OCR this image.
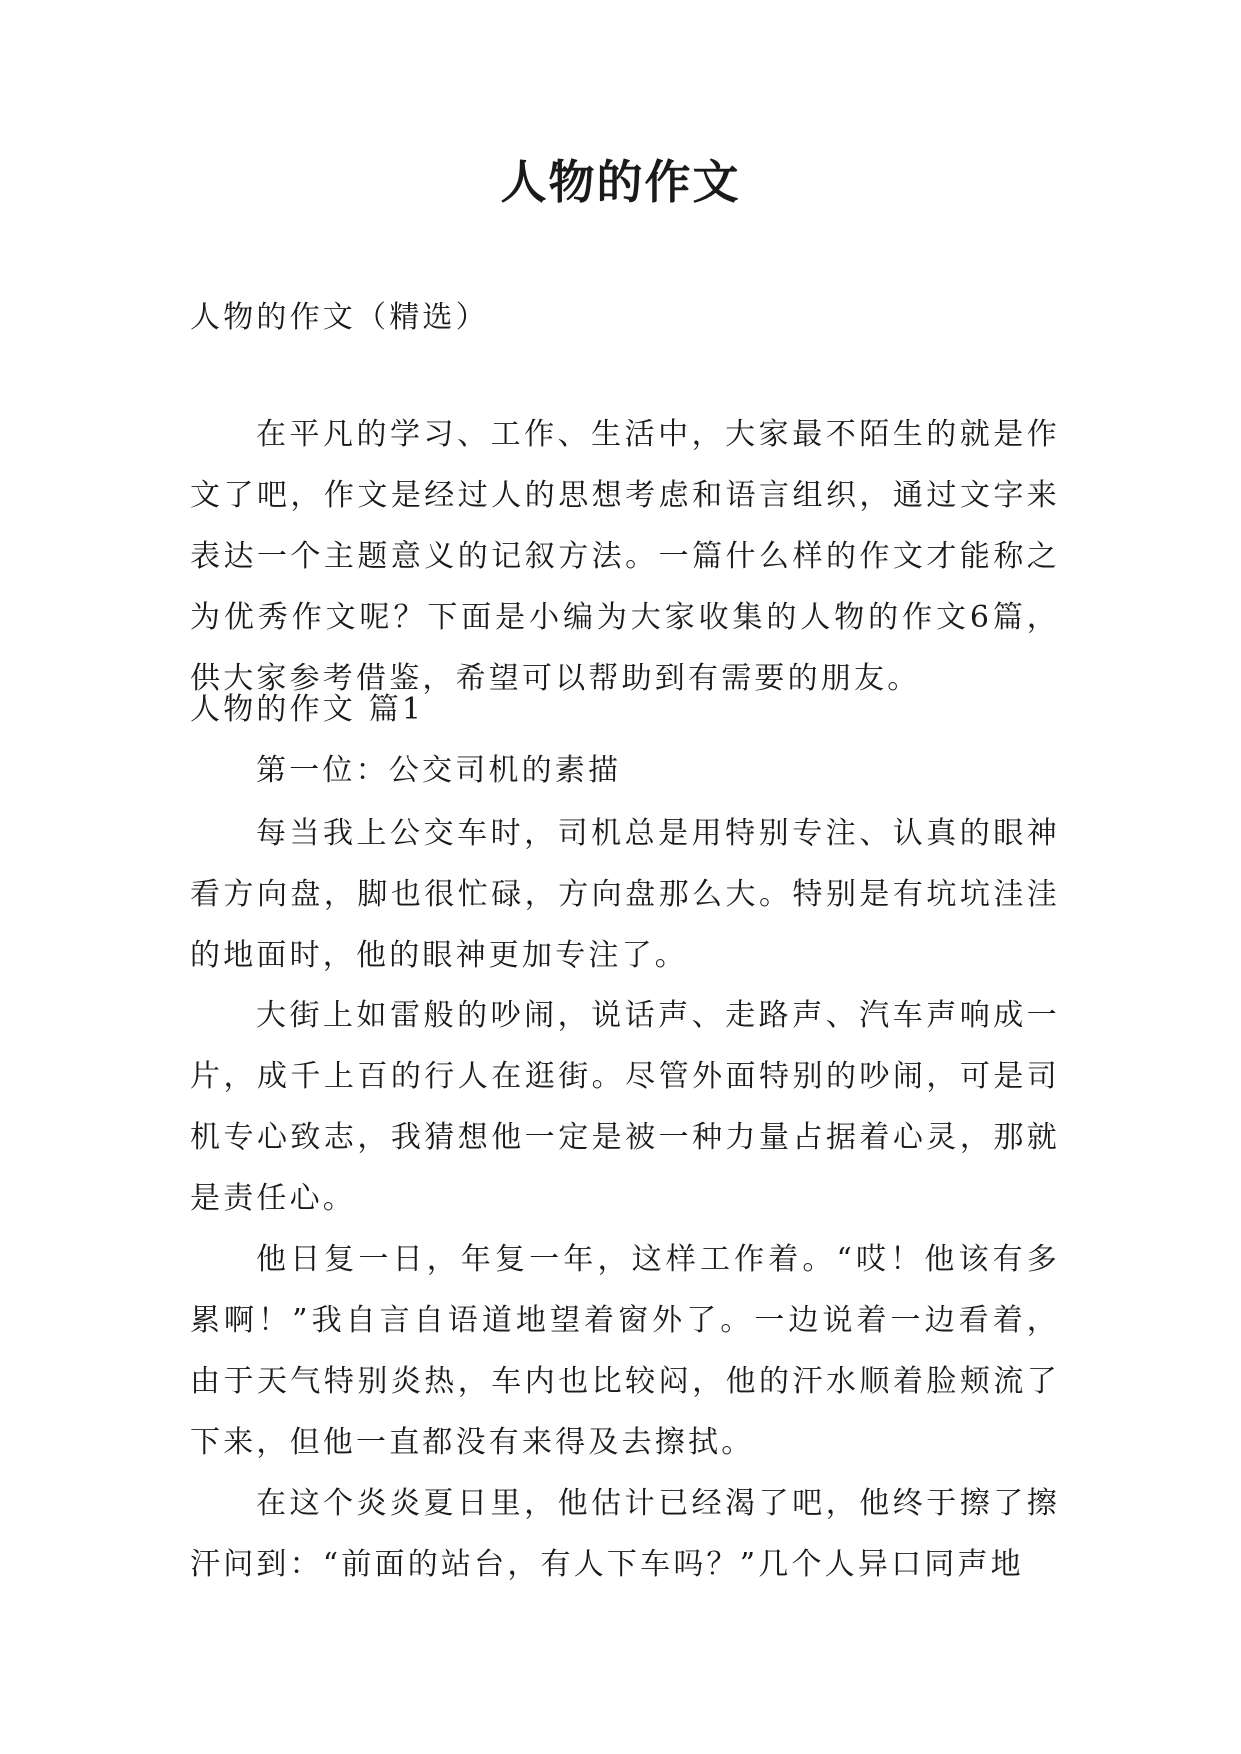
人物的作文

人物的作文（精选）

在平凡的学习、工作、生活中，大家最不陌生的就是作文了吧，作文是经过人的思想考虑和语言组织，通过文字来表达一个主题意义的记叙方法。一篇什么样的作文才能称之为优秀作文呢？下面是小编为大家收集的人物的作文6篇，供大家参考借鉴，希望可以帮助到有需要的朋友。

人物的作文 篇1

第一位：公交司机的素描

每当我上公交车时，司机总是用特别专注、认真的眼神看方向盘，脚也很忙碌，方向盘那么大。特别是有坑坑洼洼的地面时，他的眼神更加专注了。

大街上如雷般的吵闹，说话声、走路声、汽车声响成一片，成千上百的行人在逛街。尽管外面特别的吵闹，可是司机专心致志，我猜想他一定是被一种力量占据着心灵，那就是责任心。

他日复一日，年复一年，这样工作着。“哎！他该有多累啊！”我自言自语道地望着窗外了。一边说着一边看着，由于天气特别炎热，车内也比较闷，他的汗水顺着脸颊流了下来，但他一直都没有来得及去擦拭。

在这个炎炎夏日里，他估计已经渴了吧，他终于擦了擦汗问到：“前面的站台，有人下车吗？”几个人异口同声地
